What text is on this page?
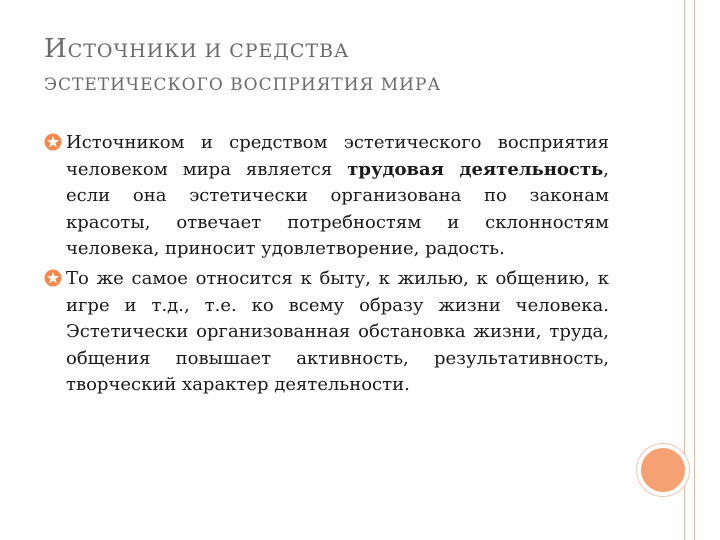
ИСТОЧНИКИ И СРЕДСТВА
ЭСТЕТИЧЕСКОГО ВОСПРИЯТИЯ МИРА
Источником и средством эстетического восприятия человеком мира является трудовая деятельность, если она эстетически организована по законам красоты, отвечает потребностям и склонностям человека, приносит удовлетворение, радость.
То же самое относится к быту, к жилью, к общению, к игре и т.д., т.е. ко всему образу жизни человека. Эстетически организованная обстановка жизни, труда, общения повышает активность, результативность, творческий характер деятельности.
